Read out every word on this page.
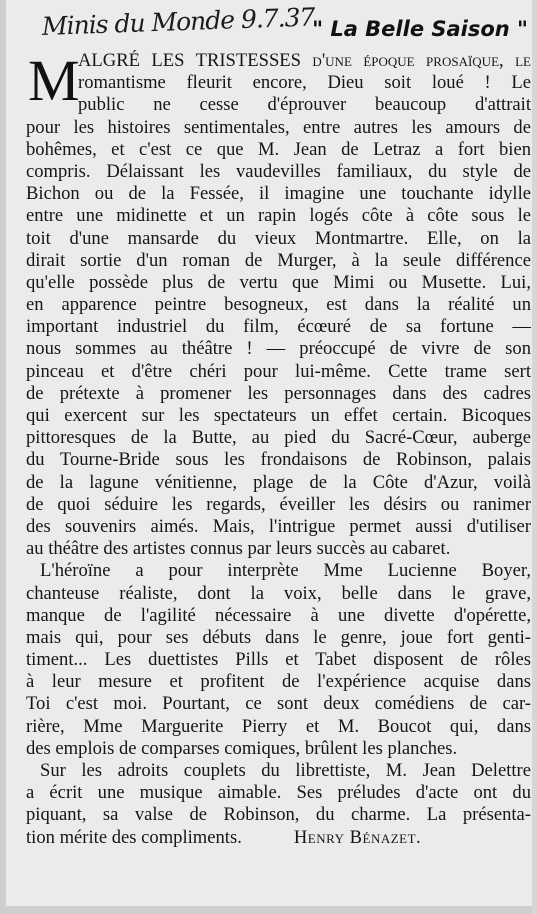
Minis du Monde 9.7.37
" La Belle Saison "
M
ALGRÉ LES TRISTESSES d'une époque prosaïque, le
romantisme fleurit encore, Dieu soit loué ! Le
public ne cesse d'éprouver beaucoup d'attrait
pour les histoires sentimentales, entre autres les amours de
bohêmes, et c'est ce que M. Jean de Letraz a fort bien
compris. Délaissant les vaudevilles familiaux, du style de
Bichon ou de la Fessée, il imagine une touchante idylle
entre une midinette et un rapin logés côte à côte sous le
toit d'une mansarde du vieux Montmartre. Elle, on la
dirait sortie d'un roman de Murger, à la seule différence
qu'elle possède plus de vertu que Mimi ou Musette. Lui,
en apparence peintre besogneux, est dans la réalité un
important industriel du film, écœuré de sa fortune —
nous sommes au théâtre ! — préoccupé de vivre de son
pinceau et d'être chéri pour lui-même. Cette trame sert
de prétexte à promener les personnages dans des cadres
qui exercent sur les spectateurs un effet certain. Bicoques
pittoresques de la Butte, au pied du Sacré-Cœur, auberge
du Tourne-Bride sous les frondaisons de Robinson, palais
de la lagune vénitienne, plage de la Côte d'Azur, voilà
de quoi séduire les regards, éveiller les désirs ou ranimer
des souvenirs aimés. Mais, l'intrigue permet aussi d'utiliser
au théâtre des artistes connus par leurs succès au cabaret.
L'héroïne a pour interprète Mme Lucienne Boyer,
chanteuse réaliste, dont la voix, belle dans le grave,
manque de l'agilité nécessaire à une divette d'opérette,
mais qui, pour ses débuts dans le genre, joue fort genti-
timent... Les duettistes Pills et Tabet disposent de rôles
à leur mesure et profitent de l'expérience acquise dans
Toi c'est moi. Pourtant, ce sont deux comédiens de car-
rière, Mme Marguerite Pierry et M. Boucot qui, dans
des emplois de comparses comiques, brûlent les planches.
Sur les adroits couplets du librettiste, M. Jean Delettre
a écrit une musique aimable. Ses préludes d'acte ont du
piquant, sa valse de Robinson, du charme. La présenta-
tion mérite des compliments.	Henry Bénazet.
